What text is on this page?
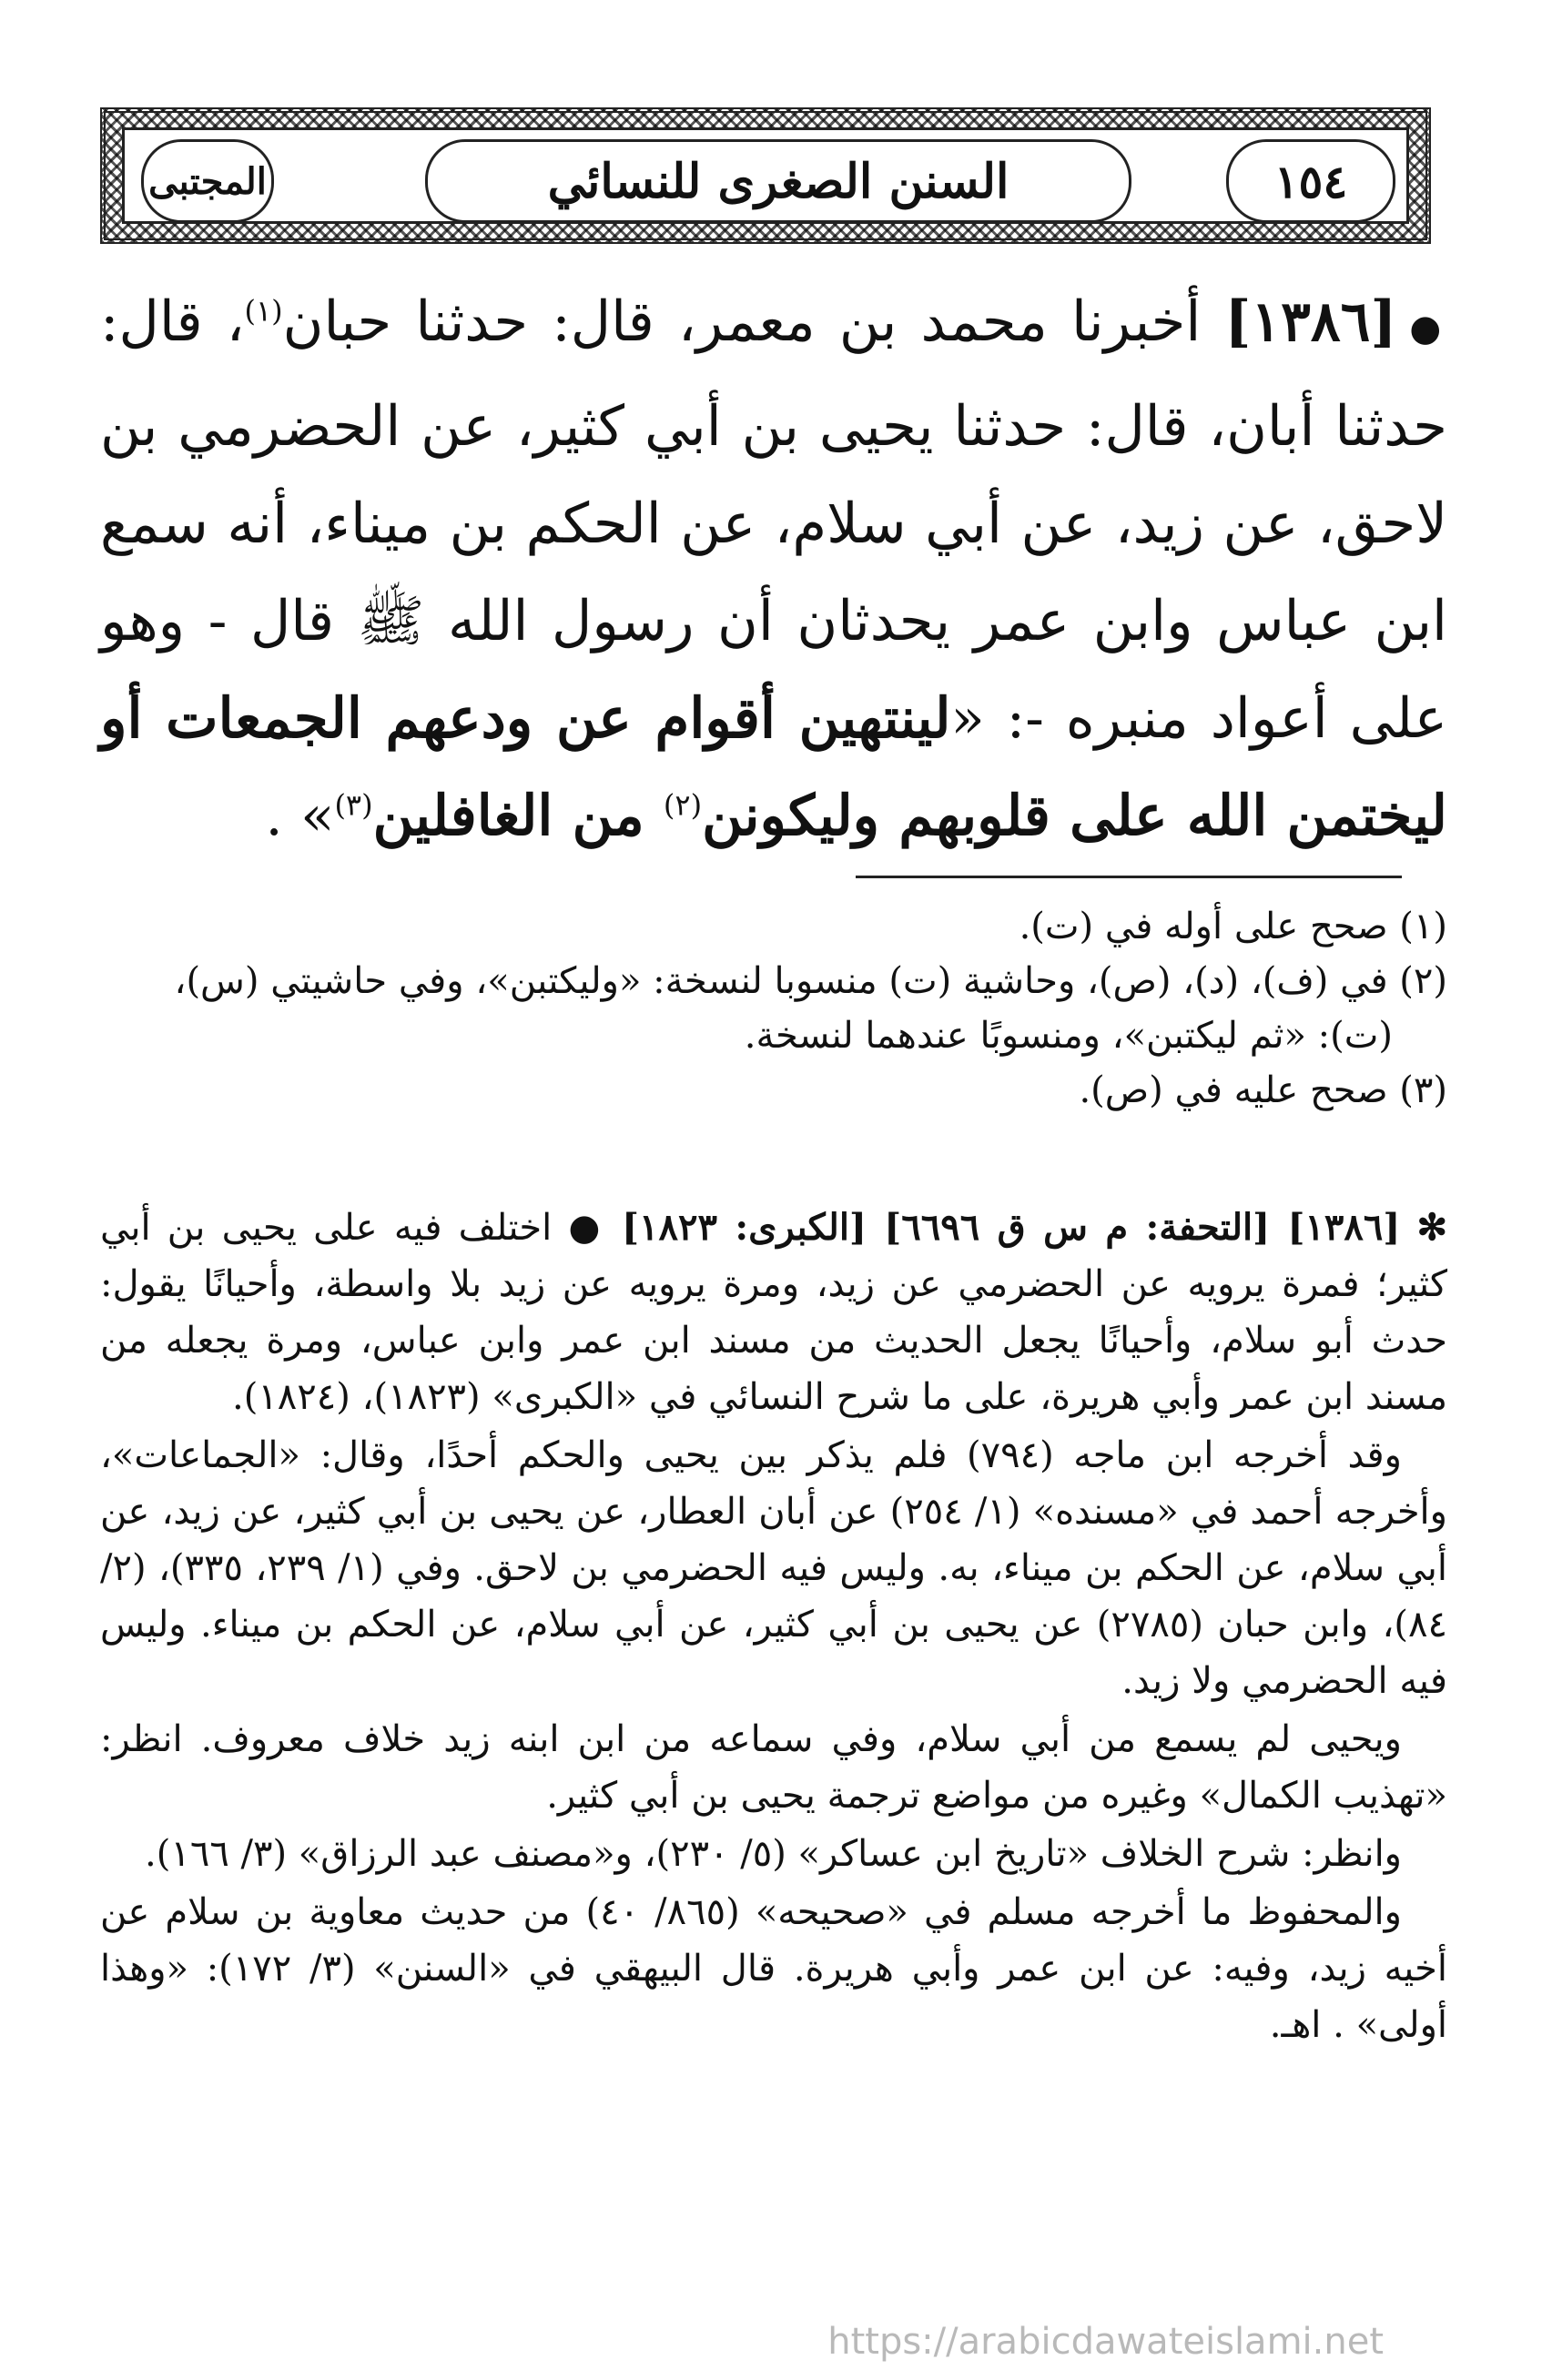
١٥٤
السنن الصغرى للنسائي
المجتبى
●[١٣٨٦] أخبرنا محمد بن معمر، قال: حدثنا حبان$^{(١)}$، قال: حدثنا أبان، قال: حدثنا يحيى بن أبي كثير، عن الحضرمي بن لاحق، عن زيد، عن أبي سلام، عن الحكم بن ميناء، أنه سمع ابن عباس وابن عمر يحدثان أن رسول الله ﷺ قال - وهو على أعواد منبره -: «لينتهين أقوام عن ودعهم الجمعات أو ليختمن الله على قلوبهم وليكونن$^{(٢)}$ من الغافلين$^{(٣)}$» .

(١) صحح على أوله في (ت).

(٢) في (ف)، (د)، (ص)، وحاشية (ت) منسوبا لنسخة: «وليكتبن»، وفي حاشيتي (س)،

(ت): «ثم ليكتبن»، ومنسوبًا عندهما لنسخة.

(٣) صحح عليه في (ص).

✻ [١٣٨٦] [التحفة: م س ق ٦٦٩٦] [الكبرى: ١٨٢٣] ● اختلف فيه على يحيى بن أبي كثير؛ فمرة يرويه عن الحضرمي عن زيد، ومرة يرويه عن زيد بلا واسطة، وأحيانًا يقول: حدث أبو سلام، وأحيانًا يجعل الحديث من مسند ابن عمر وابن عباس، ومرة يجعله من مسند ابن عمر وأبي هريرة، على ما شرح النسائي في «الكبرى» (١٨٢٣)، (١٨٢٤).

وقد أخرجه ابن ماجه (٧٩٤) فلم يذكر بين يحيى والحكم أحدًا، وقال: «الجماعات»، وأخرجه أحمد في «مسنده» (١/ ٢٥٤) عن أبان العطار، عن يحيى بن أبي كثير، عن زيد، عن أبي سلام، عن الحكم بن ميناء، به. وليس فيه الحضرمي بن لاحق. وفي (١/ ٢٣٩، ٣٣٥)، (٢/ ٨٤)، وابن حبان (٢٧٨٥) عن يحيى بن أبي كثير، عن أبي سلام، عن الحكم بن ميناء. وليس فيه الحضرمي ولا زيد.

ويحيى لم يسمع من أبي سلام، وفي سماعه من ابن ابنه زيد خلاف معروف. انظر: «تهذيب الكمال» وغيره من مواضع ترجمة يحيى بن أبي كثير.

وانظر: شرح الخلاف «تاريخ ابن عساكر» (٥/ ٢٣٠)، و«مصنف عبد الرزاق» (٣/ ١٦٦).

والمحفوظ ما أخرجه مسلم في «صحيحه» (٨٦٥/ ٤٠) من حديث معاوية بن سلام عن أخيه زيد، وفيه: عن ابن عمر وأبي هريرة. قال البيهقي في «السنن» (٣/ ١٧٢): «وهذا أولى» . اهـ.

https://arabicdawateislami.net
